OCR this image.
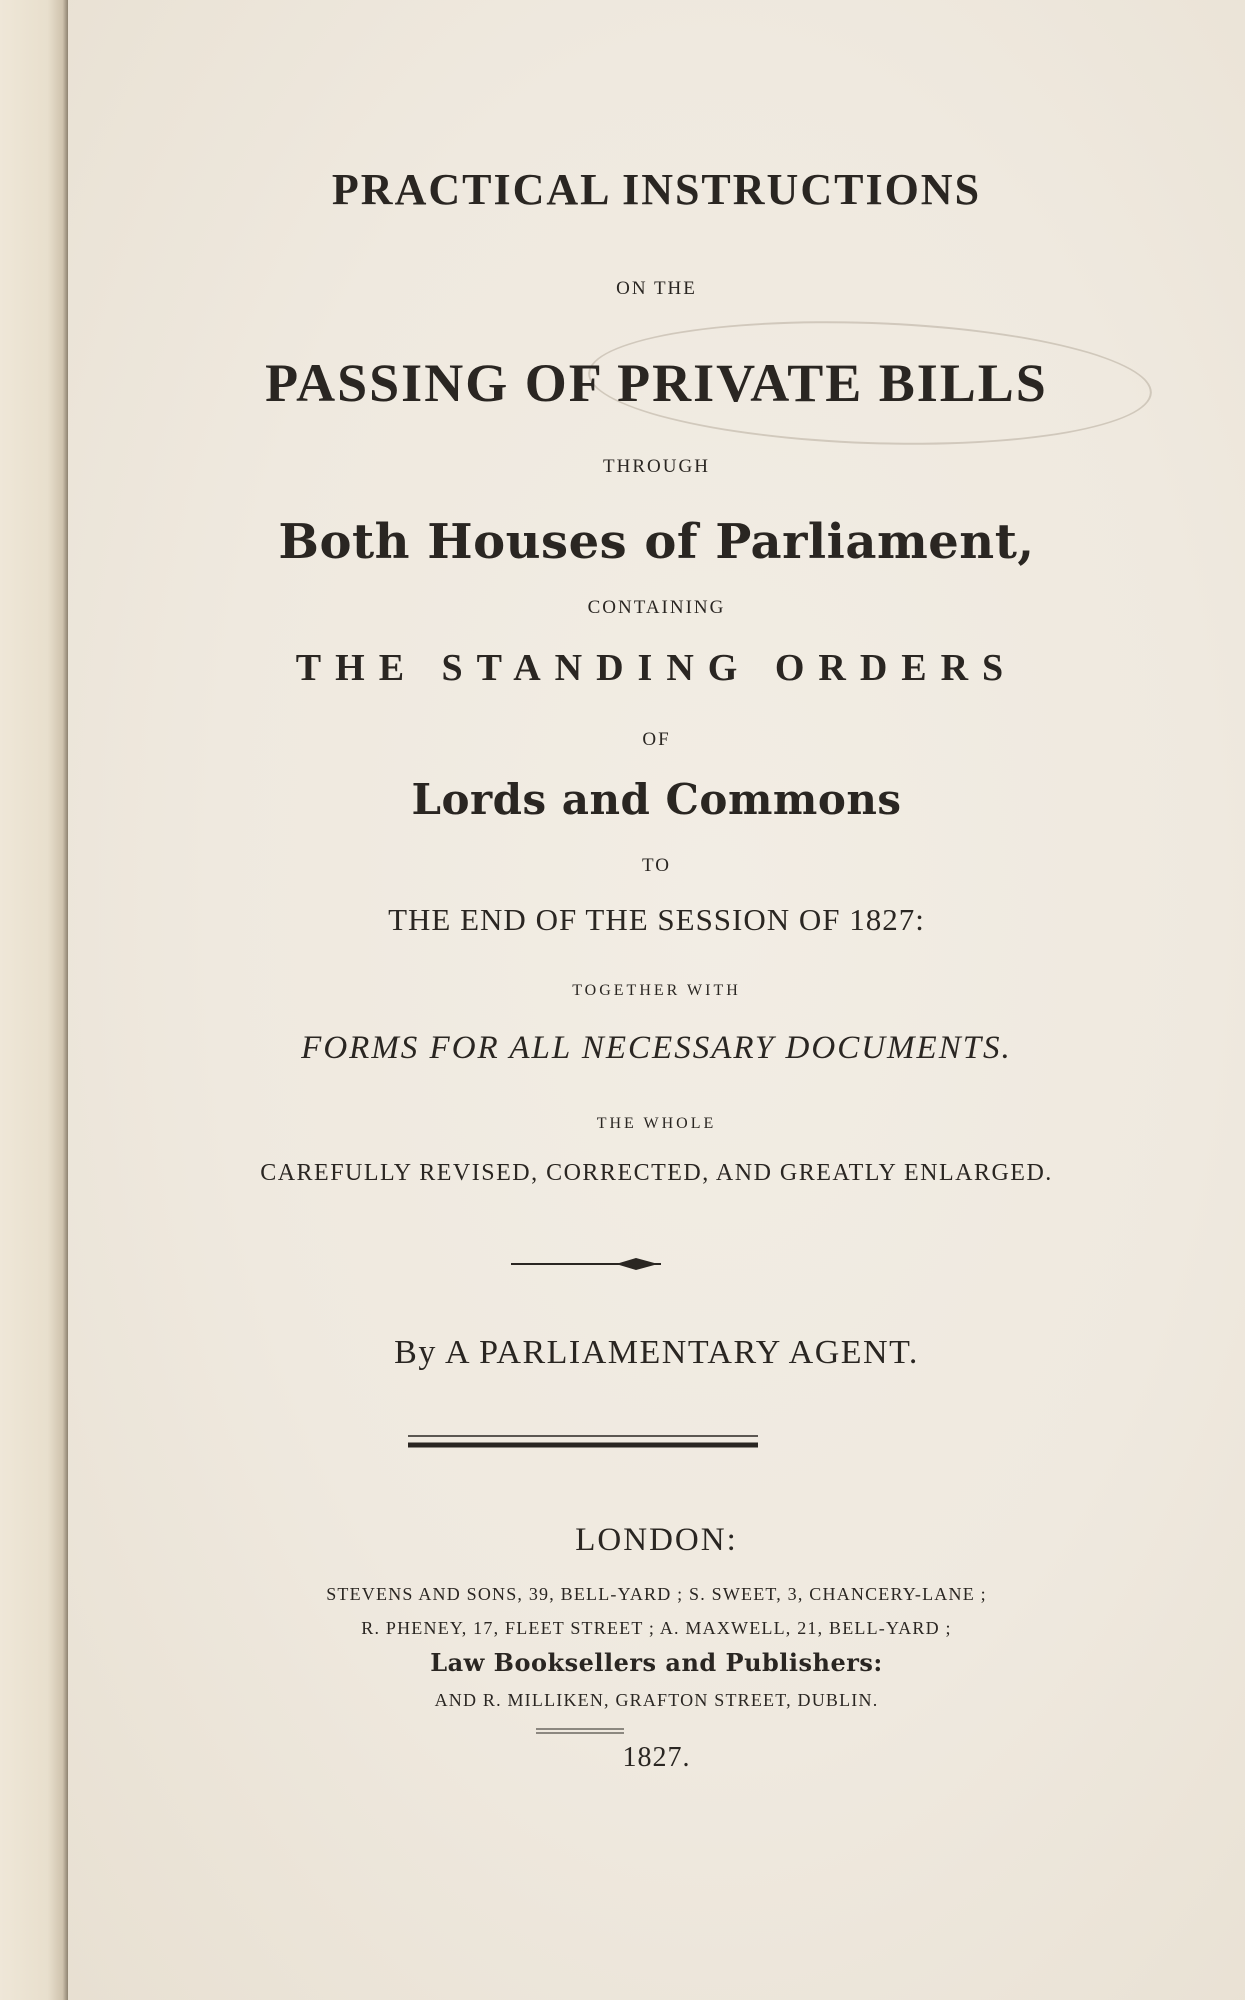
PRACTICAL INSTRUCTIONS
ON THE
PASSING OF PRIVATE BILLS
THROUGH
Both Houses of Parliament,
CONTAINING
THE STANDING ORDERS
OF
Lords and Commons
TO
THE END OF THE SESSION OF 1827:
TOGETHER WITH
FORMS FOR ALL NECESSARY DOCUMENTS.
THE WHOLE
CAREFULLY REVISED, CORRECTED, AND GREATLY ENLARGED.
By A PARLIAMENTARY AGENT.
LONDON:
STEVENS AND SONS, 39, BELL-YARD ; S. SWEET, 3, CHANCERY-LANE ;
R. PHENEY, 17, FLEET STREET ; A. MAXWELL, 21, BELL-YARD ;
Law Booksellers and Publishers:
AND R. MILLIKEN, GRAFTON STREET, DUBLIN.
1827.
